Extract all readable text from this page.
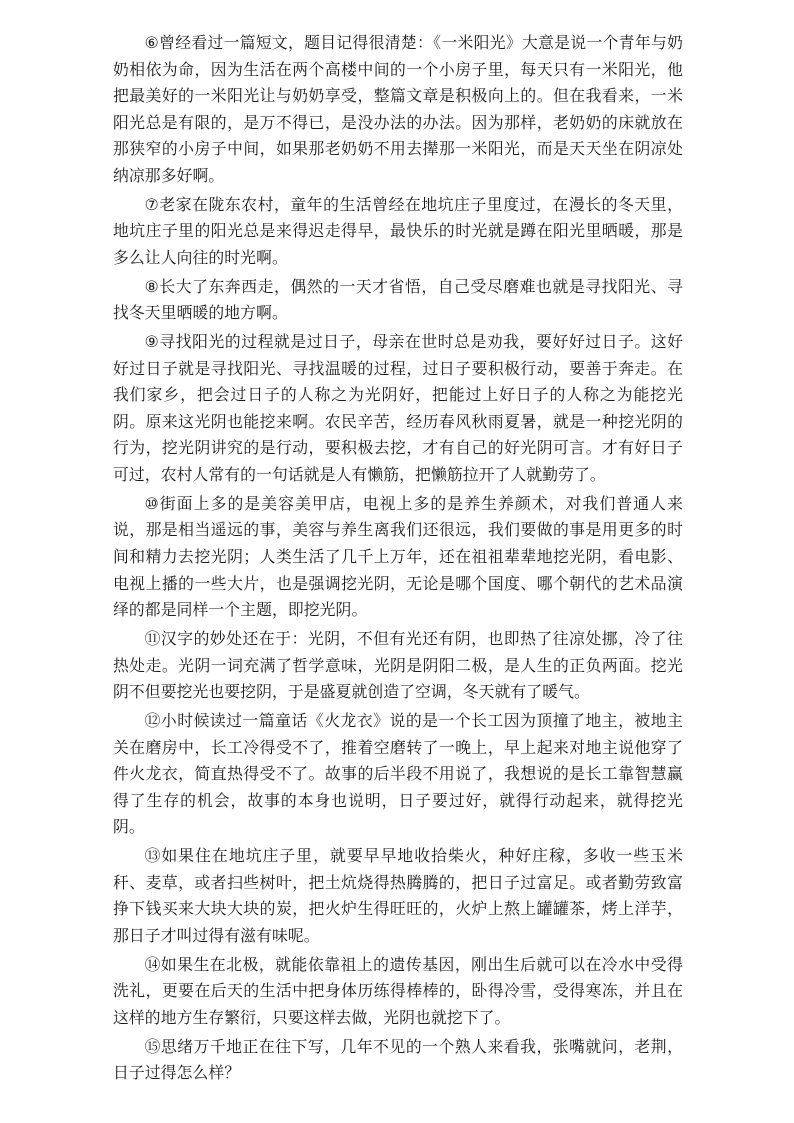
⑥曾经看过一篇短文，题目记得很清楚：《一米阳光》大意是说一个青年与奶奶相依为命，因为生活在两个高楼中间的一个小房子里，每天只有一米阳光，他把最美好的一米阳光让与奶奶享受，整篇文章是积极向上的。但在我看来，一米阳光总是有限的，是万不得已，是没办法的办法。因为那样，老奶奶的床就放在那狭窄的小房子中间，如果那老奶奶不用去撵那一米阳光，而是天天坐在阴凉处纳凉那多好啊。

⑦老家在陇东农村，童年的生活曾经在地坑庄子里度过，在漫长的冬天里，地坑庄子里的阳光总是来得迟走得早，最快乐的时光就是蹲在阳光里晒暖，那是多么让人向往的时光啊。

⑧长大了东奔西走，偶然的一天才省悟，自己受尽磨难也就是寻找阳光、寻找冬天里晒暖的地方啊。

⑨寻找阳光的过程就是过日子，母亲在世时总是劝我，要好好过日子。这好好过日子就是寻找阳光、寻找温暖的过程，过日子要积极行动，要善于奔走。在我们家乡，把会过日子的人称之为光阴好，把能过上好日子的人称之为能挖光阴。原来这光阴也能挖来啊。农民辛苦，经历春风秋雨夏暑，就是一种挖光阴的行为，挖光阴讲究的是行动，要积极去挖，才有自己的好光阴可言。才有好日子可过，农村人常有的一句话就是人有懒筋，把懒筋拉开了人就勤劳了。

⑩街面上多的是美容美甲店，电视上多的是养生养颜术，对我们普通人来说，那是相当遥远的事，美容与养生离我们还很远，我们要做的事是用更多的时间和精力去挖光阴；人类生活了几千上万年，还在祖祖辈辈地挖光阴，看电影、电视上播的一些大片，也是强调挖光阴，无论是哪个国度、哪个朝代的艺术品演绎的都是同样一个主题，即挖光阴。

⑪汉字的妙处还在于：光阴，不但有光还有阴，也即热了往凉处挪，冷了往热处走。光阴一词充满了哲学意味，光阴是阴阳二极，是人生的正负两面。挖光阴不但要挖光也要挖阴，于是盛夏就创造了空调，冬天就有了暖气。

⑫小时候读过一篇童话《火龙衣》说的是一个长工因为顶撞了地主，被地主关在磨房中，长工冷得受不了，推着空磨转了一晚上，早上起来对地主说他穿了件火龙衣，简直热得受不了。故事的后半段不用说了，我想说的是长工靠智慧赢得了生存的机会，故事的本身也说明，日子要过好，就得行动起来，就得挖光阴。

⑬如果住在地坑庄子里，就要早早地收拾柴火，种好庄稼，多收一些玉米秆、麦草，或者扫些树叶，把土炕烧得热腾腾的，把日子过富足。或者勤劳致富挣下钱买来大块大块的炭，把火炉生得旺旺的，火炉上熬上罐罐茶，烤上洋芋，那日子才叫过得有滋有味呢。

⑭如果生在北极，就能依靠祖上的遗传基因，刚出生后就可以在冷水中受得洗礼，更要在后天的生活中把身体历练得棒棒的，卧得冷雪，受得寒冻，并且在这样的地方生存繁衍，只要这样去做，光阴也就挖下了。

⑮思绪万千地正在往下写，几年不见的一个熟人来看我，张嘴就问，老荆，日子过得怎么样？
